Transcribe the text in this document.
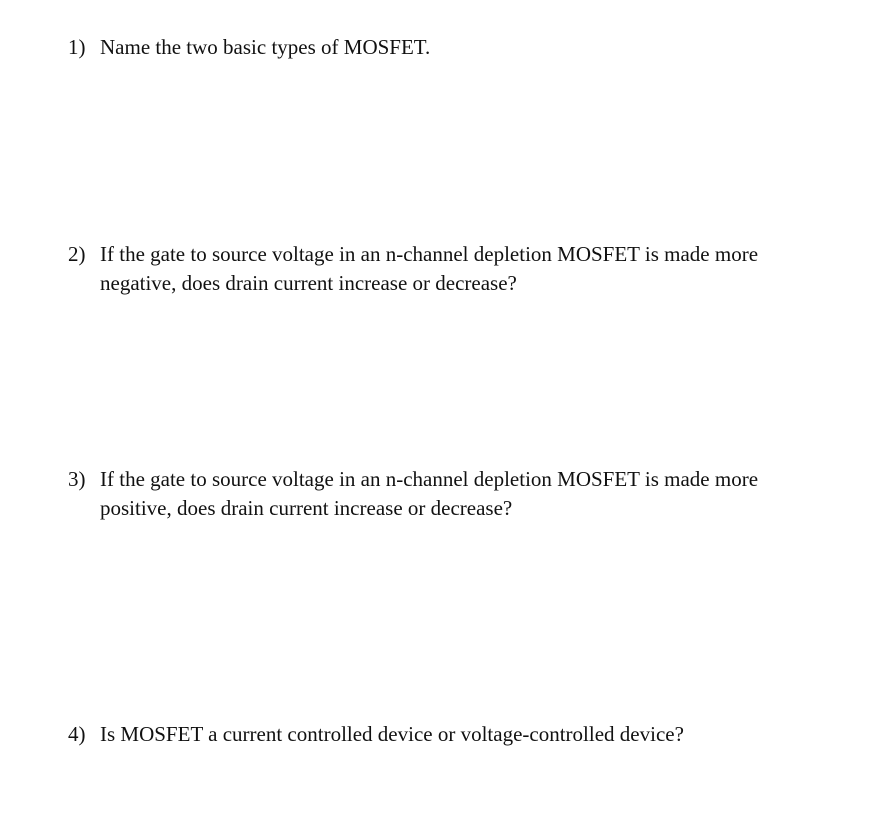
1) Name the two basic types of MOSFET.
2) If the gate to source voltage in an n-channel depletion MOSFET is made more negative, does drain current increase or decrease?
3) If the gate to source voltage in an n-channel depletion MOSFET is made more positive, does drain current increase or decrease?
4) Is MOSFET a current controlled device or voltage-controlled device?
